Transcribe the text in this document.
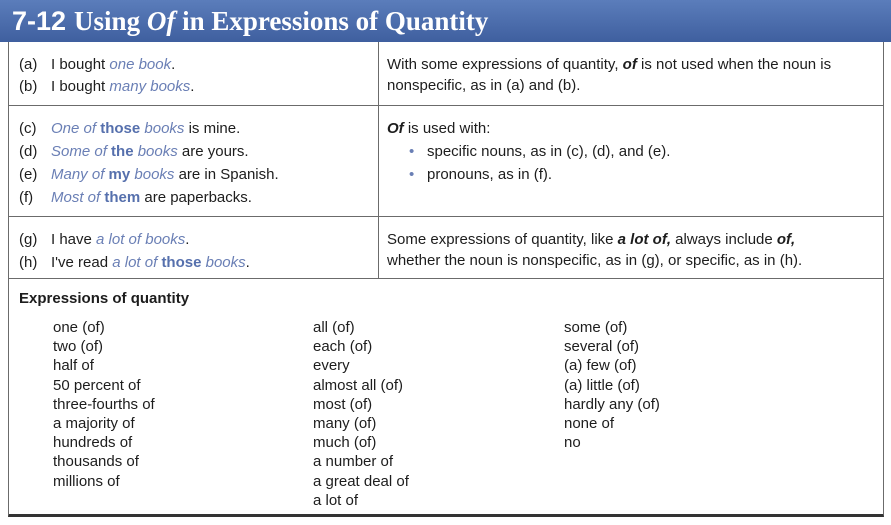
7-12 Using Of in Expressions of Quantity
(a) I bought one book.
(b) I bought many books.
With some expressions of quantity, of is not used when the noun is
nonspecific, as in (a) and (b).
(c) One of those books is mine.
(d) Some of the books are yours.
(e) Many of my books are in Spanish.
(f) Most of them are paperbacks.
Of is used with:
• specific nouns, as in (c), (d), and (e).
• pronouns, as in (f).
(g) I have a lot of books.
(h) I've read a lot of those books.
Some expressions of quantity, like a lot of, always include of,
whether the noun is nonspecific, as in (g), or specific, as in (h).
Expressions of quantity
one (of)
two (of)
half of
50 percent of
three-fourths of
a majority of
hundreds of
thousands of
millions of
all (of)
each (of)
every
almost all (of)
most (of)
many (of)
much (of)
a number of
a great deal of
a lot of
some (of)
several (of)
(a) few (of)
(a) little (of)
hardly any (of)
none of
no
